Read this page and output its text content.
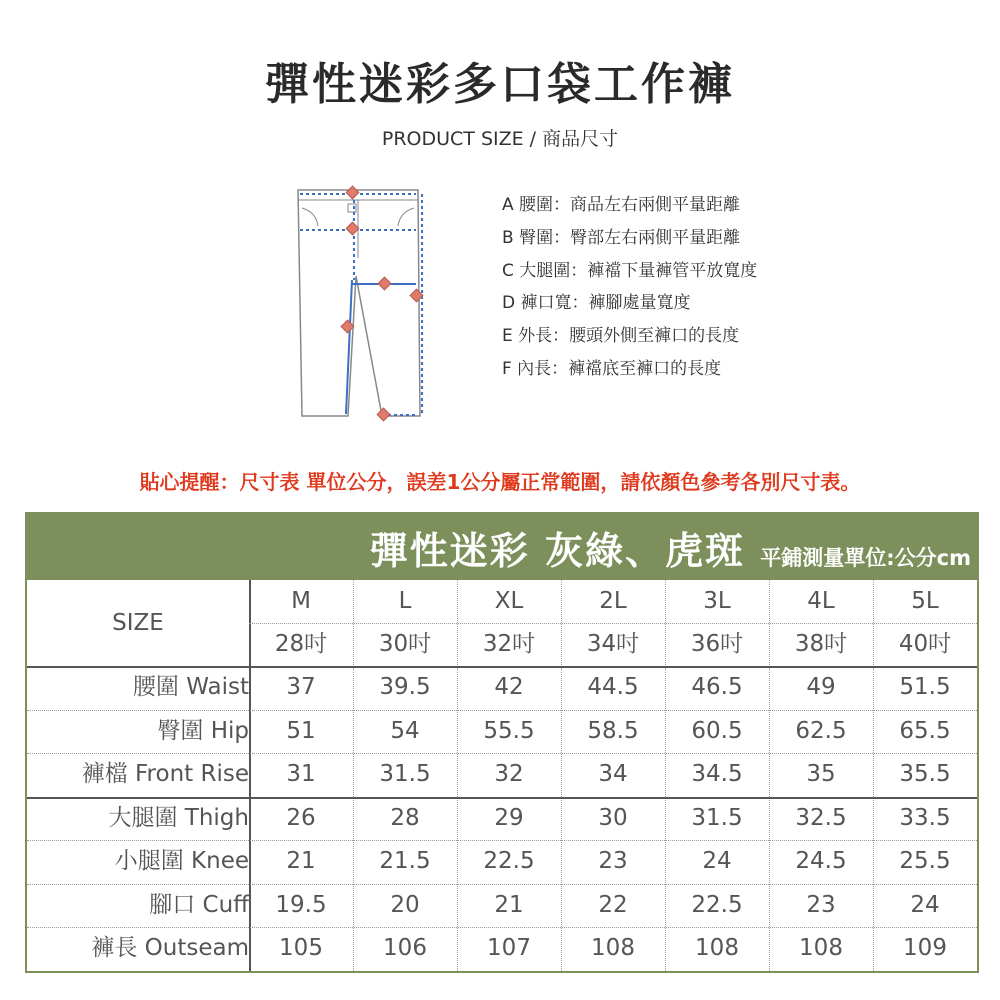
彈性迷彩多口袋工作褲
PRODUCT SIZE / 商品尺寸
A 腰圍：商品左右兩側平量距離
B 臀圍：臀部左右兩側平量距離
C 大腿圍：褲襠下量褲管平放寬度
D 褲口寬：褲腳處量寬度
E 外長：腰頭外側至褲口的長度
F 內長：褲襠底至褲口的長度
貼心提醒：尺寸表 單位公分，誤差1公分屬正常範圍，請依顏色參考各別尺寸表。
彈性迷彩 灰綠、虎斑 平鋪測量單位:公分cm
SIZE
M	L	XL	2L	3L	4L	5L
28吋	30吋	32吋	34吋	36吋	38吋	40吋
腰圍 Waist	37	39.5	42	44.5	46.5	49	51.5
臀圍 Hip	51	54	55.5	58.5	60.5	62.5	65.5
褲檔 Front Rise	31	31.5	32	34	34.5	35	35.5
大腿圍 Thigh	26	28	29	30	31.5	32.5	33.5
小腿圍 Knee	21	21.5	22.5	23	24	24.5	25.5
腳口 Cuff	19.5	20	21	22	22.5	23	24
褲長 Outseam	105	106	107	108	108	108	109
